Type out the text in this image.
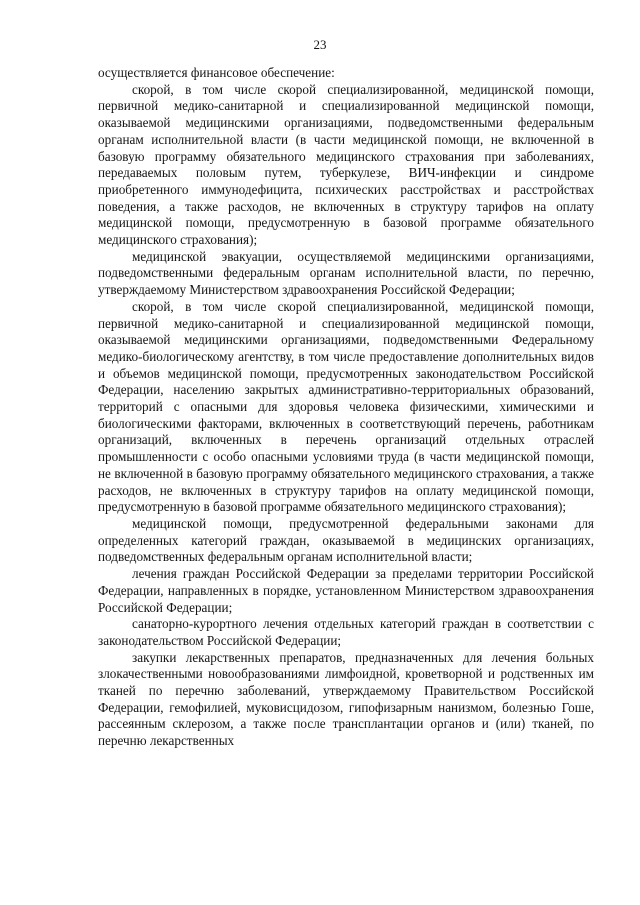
23

осуществляется финансовое обеспечение:

скорой, в том числе скорой специализированной, медицинской помощи, первичной медико-санитарной и специализированной медицинской помощи, оказываемой медицинскими организациями, подведомственными федеральным органам исполнительной власти (в части медицинской помощи, не включенной в базовую программу обязательного медицинского страхования при заболеваниях, передаваемых половым путем, туберкулезе, ВИЧ-инфекции и синдроме приобретенного иммунодефицита, психических расстройствах и расстройствах поведения, а также расходов, не включенных в структуру тарифов на оплату медицинской помощи, предусмотренную в базовой программе обязательного медицинского страхования);

медицинской эвакуации, осуществляемой медицинскими организациями, подведомственными федеральным органам исполнительной власти, по перечню, утверждаемому Министерством здравоохранения Российской Федерации;

скорой, в том числе скорой специализированной, медицинской помощи, первичной медико-санитарной и специализированной медицинской помощи, оказываемой медицинскими организациями, подведомственными Федеральному медико-биологическому агентству, в том числе предоставление дополнительных видов и объемов медицинской помощи, предусмотренных законодательством Российской Федерации, населению закрытых административно-территориальных образований, территорий с опасными для здоровья человека физическими, химическими и биологическими факторами, включенных в соответствующий перечень, работникам организаций, включенных в перечень организаций отдельных отраслей промышленности с особо опасными условиями труда (в части медицинской помощи, не включенной в базовую программу обязательного медицинского страхования, а также расходов, не включенных в структуру тарифов на оплату медицинской помощи, предусмотренную в базовой программе обязательного медицинского страхования);

медицинской помощи, предусмотренной федеральными законами для определенных категорий граждан, оказываемой в медицинских организациях, подведомственных федеральным органам исполнительной власти;

лечения граждан Российской Федерации за пределами территории Российской Федерации, направленных в порядке, установленном Министерством здравоохранения Российской Федерации;

санаторно-курортного лечения отдельных категорий граждан в соответствии с законодательством Российской Федерации;

закупки лекарственных препаратов, предназначенных для лечения больных злокачественными новообразованиями лимфоидной, кроветворной и родственных им тканей по перечню заболеваний, утверждаемому Правительством Российской Федерации, гемофилией, муковисцидозом, гипофизарным нанизмом, болезнью Гоше, рассеянным склерозом, а также после трансплантации органов и (или) тканей, по перечню лекарственных
